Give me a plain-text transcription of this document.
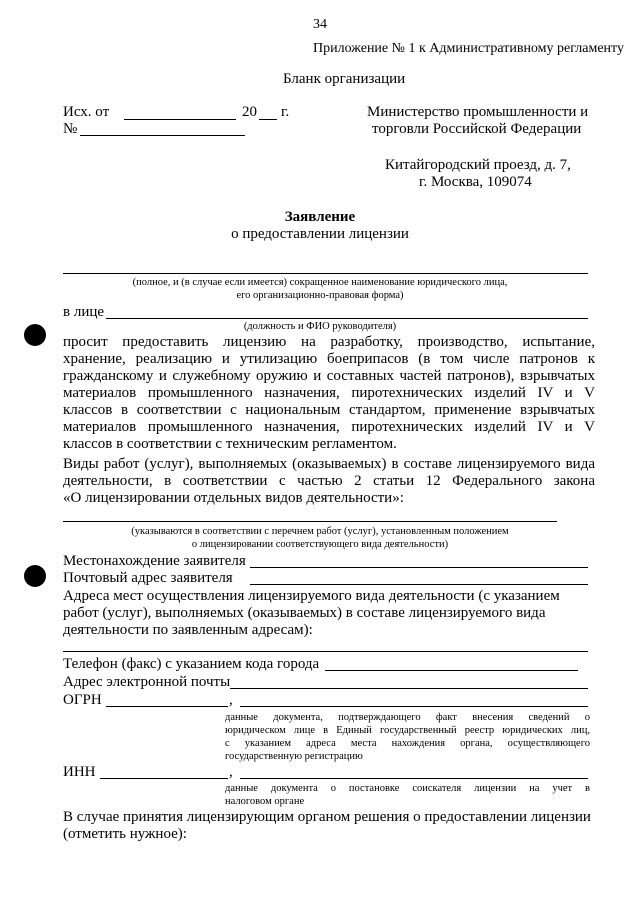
34
Приложение № 1 к Административному регламенту
Бланк организации
Исх. от	20 г.
№
Министерство промышленности и
торговли Российской Федерации
Китайгородский проезд, д. 7,
г. Москва, 109074
Заявление
о предоставлении лицензии
(полное, и (в случае если имеется) сокращенное наименование юридического лица,
его организационно-правовая форма)
в лице
(должность и ФИО руководителя)
просит предоставить лицензию на разработку, производство, испытание,
хранение, реализацию и утилизацию боеприпасов (в том числе патронов к
гражданскому и служебному оружию и составных частей патронов), взрывчатых
материалов промышленного назначения, пиротехнических изделий IV и V
классов в соответствии с национальным стандартом, применение взрывчатых
материалов промышленного назначения, пиротехнических изделий IV и V
классов в соответствии с техническим регламентом.
Виды работ (услуг), выполняемых (оказываемых) в составе лицензируемого вида
деятельности, в соответствии с частью 2 статьи 12 Федерального закона
«О лицензировании отдельных видов деятельности»:
(указываются в соответствии с перечнем работ (услуг), установленным положением
о лицензировании соответствующего вида деятельности)
Местонахождение заявителя
Почтовый адрес заявителя
Адреса мест осуществления лицензируемого вида деятельности (с указанием
работ (услуг), выполняемых (оказываемых) в составе лицензируемого вида
деятельности по заявленным адресам):
Телефон (факс) с указанием кода города
Адрес электронной почты
ОГРН	,
данные документа, подтверждающего факт внесения сведений о
юридическом лице в Единый государственный реестр юридических лиц,
с указанием адреса места нахождения органа, осуществляющего
государственную регистрацию
ИНН	,
данные документа о постановке соискателя лицензии на учет в
налоговом органе
В случае принятия лицензирующим органом решения о предоставлении лицензии
(отметить нужное):
